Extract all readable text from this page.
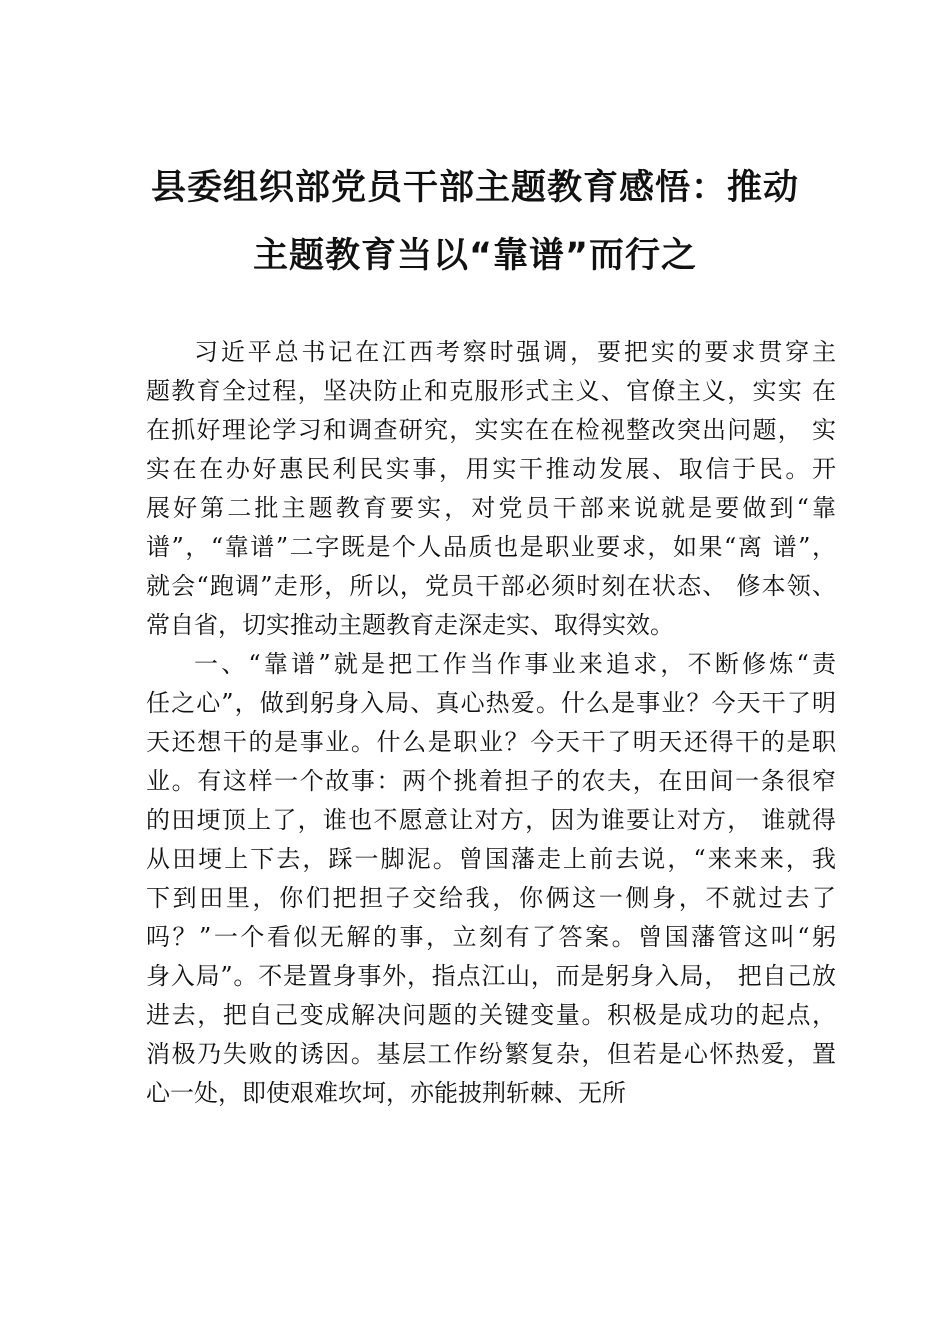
县委组织部党员干部主题教育感悟：推动
主题教育当以“靠谱”而行之
习近平总书记在江西考察时强调，要把实的要求贯穿主
题教育全过程，坚决防止和克服形式主义、官僚主义，实实 在
在抓好理论学习和调查研究，实实在在检视整改突出问题， 实
实在在办好惠民利民实事，用实干推动发展、取信于民。开
展好第二批主题教育要实，对党员干部来说就是要做到“靠
谱”，“靠谱”二字既是个人品质也是职业要求，如果“离 谱”，
就会“跑调”走形，所以，党员干部必须时刻在状态、 修本领、
常自省，切实推动主题教育走深走实、取得实效。
一、“靠谱”就是把工作当作事业来追求，不断修炼“责
任之心”，做到躬身入局、真心热爱。什么是事业？今天干了明
天还想干的是事业。什么是职业？今天干了明天还得干的是职
业。有这样一个故事：两个挑着担子的农夫，在田间一条很窄
的田埂顶上了，谁也不愿意让对方，因为谁要让对方， 谁就得
从田埂上下去，踩一脚泥。曾国藩走上前去说，“来来来，我
下到田里，你们把担子交给我，你俩这一侧身，不就过去了
吗？”一个看似无解的事，立刻有了答案。曾国藩管这叫“躬
身入局”。不是置身事外，指点江山，而是躬身入局， 把自己放
进去，把自己变成解决问题的关键变量。积极是成功的起点，
消极乃失败的诱因。基层工作纷繁复杂，但若是心怀热爱，置
心一处，即使艰难坎坷，亦能披荆斩棘、无所
